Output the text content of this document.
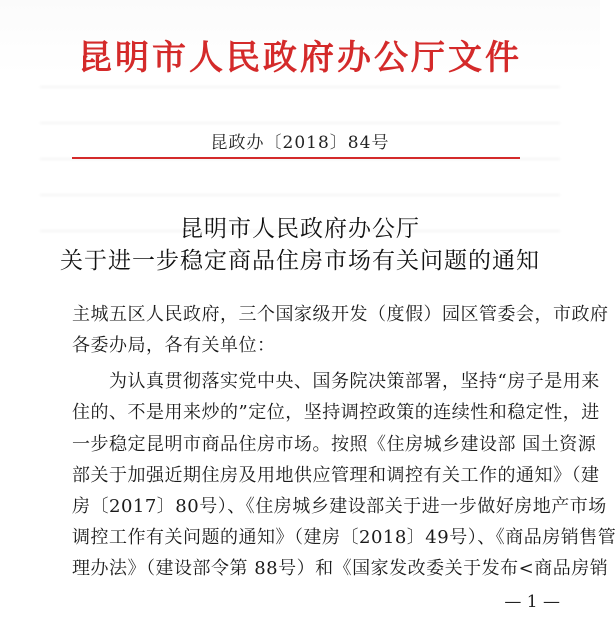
昆明市人民政府办公厅文件
昆政办〔2018〕84号
昆明市人民政府办公厅
关于进一步稳定商品住房市场有关问题的通知
主城五区人民政府，三个国家级开发（度假）园区管委会，市政府
各委办局，各有关单位：
　　为认真贯彻落实党中央、国务院决策部署，坚持“房子是用来
住的、不是用来炒的”定位，坚持调控政策的连续性和稳定性，进
一步稳定昆明市商品住房市场。按照《住房城乡建设部 国土资源
部关于加强近期住房及用地供应管理和调控有关工作的通知》（建
房〔2017〕80号）、《住房城乡建设部关于进一步做好房地产市场
调控工作有关问题的通知》（建房〔2018〕49号）、《商品房销售管
理办法》（建设部令第 88号）和《国家发改委关于发布<商品房销
— 1 —
